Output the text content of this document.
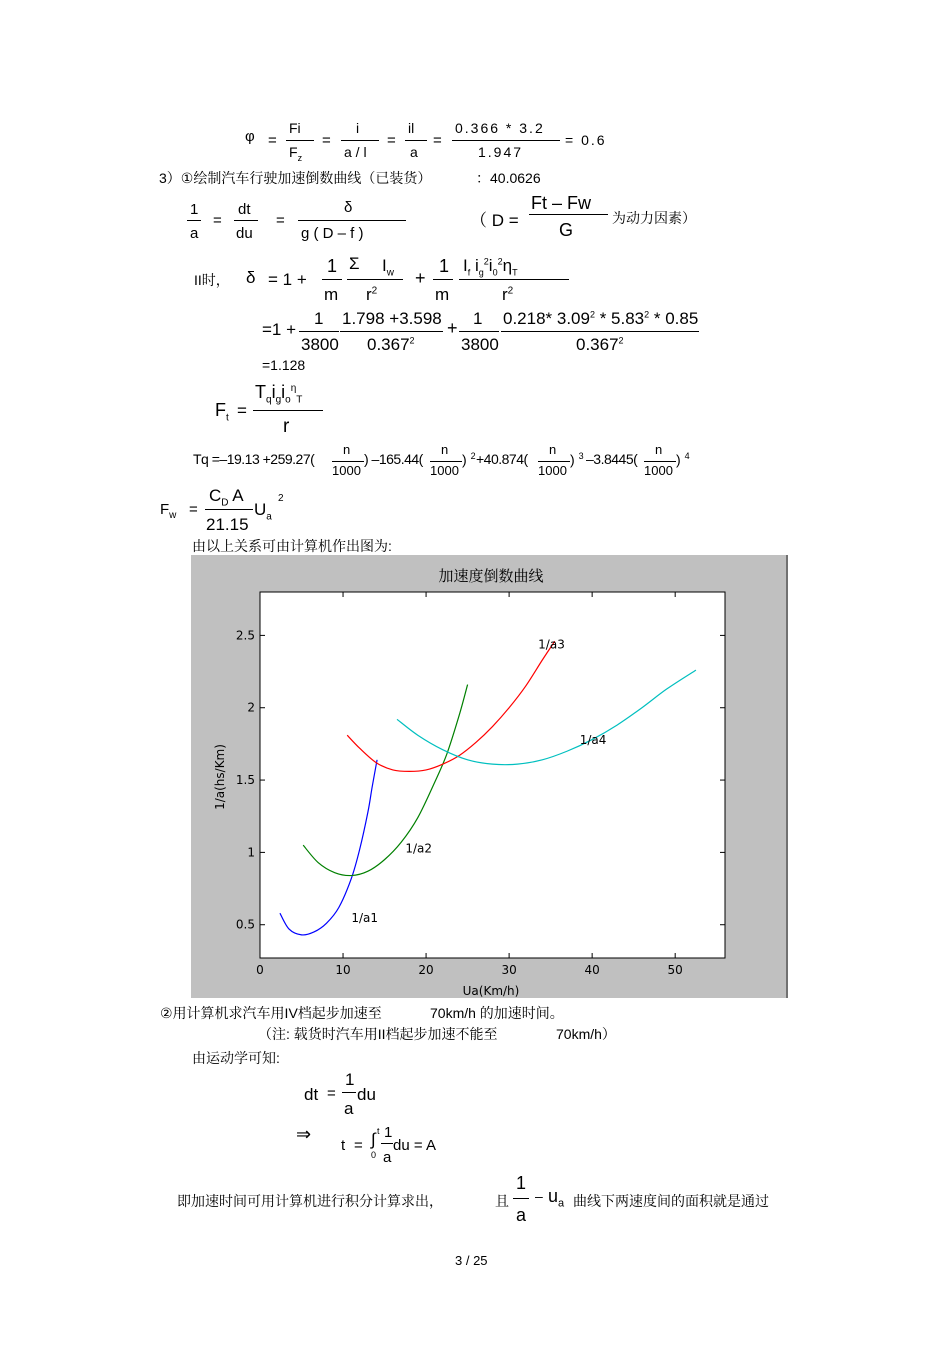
φ =
Fi
$F_z$
=
i
a / l
=
il
a
=
0.366 * 3.2
1.947
= 0.6
3）①绘制汽车行驶加速倒数曲线（已装货）	：40.0626
1
a
=
dt
du
=
δ
g ( D – f )
（ D =
Ft – Fw
G
为动力因素）
II时， δ = 1 +
1
m
Σ $I_w$
$r^2$
+
1
m
$I_f$ $i_g^2i_0^2\eta_T$
$r^2$
=1 +
1
3800
1.798 +3.598
$0.367^2$
+ 1
3800
0.218* 3.09$^2$ * 5.83$^2$ * 0.85
$0.367^2$
=1.128
$F_t$ =
$T_qi_gi_o^\eta_T$
r
Tq =–19.13 +259.27(
n
1000
) –165.44(
n
1000
) $^2$ +40.874(
n
1000
) $^3$ –3.8445(
n
1000
) $^4$
$F_w$ =
$C_D$ A
21.15
$U_a$
2
由以上关系可由计算机作出图为:
加速度倒数曲线
Ua(Km/h)
1/a(hs/Km)
0	10	20	30	40	50
0.5
1
1.5
2
2.5
1/a1
1/a2
1/a3
1/a4
②用计算机求汽车用IV档起步加速至	70km/h 的加速时间。
（注: 载货时汽车用II档起步加速不能至	70km/h）
由运动学可知:
dt =
1
a
du
⇒
t = ∫ t
0
1
a
du = A
即加速时间可用计算机进行积分计算求出，	且
1
a
– $u_a$ 曲线下两速度间的面积就是通过
3 / 25
